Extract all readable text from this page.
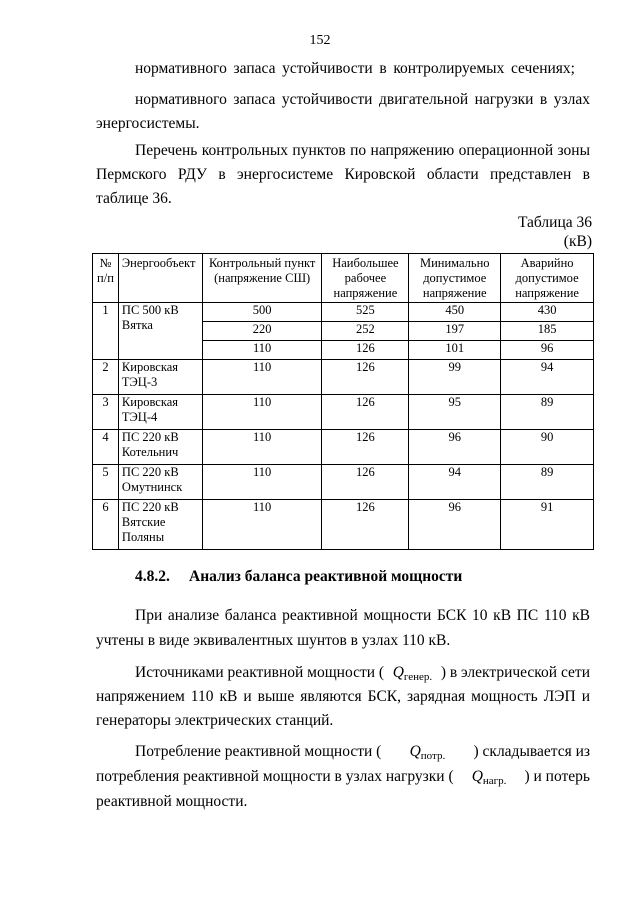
152
нормативного запаса устойчивости в контролируемых сечениях;
нормативного запаса устойчивости двигательной нагрузки в узлах
энергосистемы.
Перечень контрольных пунктов по напряжению операционной зоны
Пермского РДУ в энергосистеме Кировской области представлен в
таблице 36.
Таблица 36
(кВ)
№ п/п	Энергообъект	Контрольный пункт (напряжение СШ)	Наибольшее рабочее напряжение	Минимально допустимое напряжение	Аварийно допустимое напряжение
1	ПС 500 кВ Вятка	500	525	450	430
		220	252	197	185
		110	126	101	96
2	Кировская ТЭЦ-3	110	126	99	94
3	Кировская ТЭЦ-4	110	126	95	89
4	ПС 220 кВ Котельнич	110	126	96	90
5	ПС 220 кВ Омутнинск	110	126	94	89
6	ПС 220 кВ Вятские Поляны	110	126	96	91
4.8.2. Анализ баланса реактивной мощности
При анализе баланса реактивной мощности БСК 10 кВ ПС 110 кВ
учтены в виде эквивалентных шунтов в узлах 110 кВ.
Источниками реактивной мощности ( $Q_{генер.}$ ) в электрической сети
напряжением 110 кВ и выше являются БСК, зарядная мощность ЛЭП и
генераторы электрических станций.
Потребление реактивной мощности ( $Q_{потр.}$ ) складывается из
потребления реактивной мощности в узлах нагрузки ( $Q_{нагр.}$ ) и потерь
реактивной мощности.
